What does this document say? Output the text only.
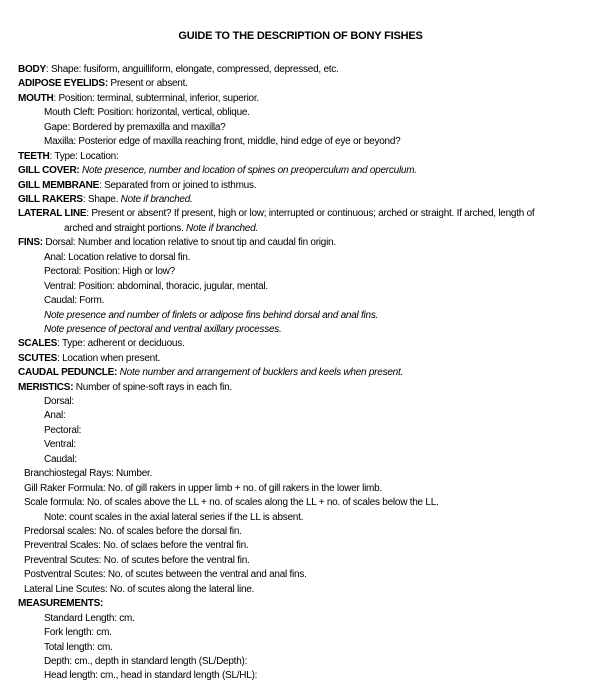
GUIDE TO THE DESCRIPTION OF BONY FISHES
BODY: Shape: fusiform, anguilliform, elongate, compressed, depressed, etc.
ADIPOSE EYELIDS: Present or absent.
MOUTH: Position: terminal, subterminal, inferior, superior.
Mouth Cleft: Position: horizontal, vertical, oblique.
Gape: Bordered by premaxilla and maxilla?
Maxilla: Posterior edge of maxilla reaching front, middle, hind edge of eye or beyond?
TEETH: Type: Location:
GILL COVER: Note presence, number and location of spines on preoperculum and operculum.
GILL MEMBRANE: Separated from or joined to isthmus.
GILL RAKERS: Shape. Note if branched.
LATERAL LINE: Present or absent? If present, high or low; interrupted or continuous; arched or straight. If arched, length of
arched and straight portions. Note if branched.
FINS: Dorsal: Number and location relative to snout tip and caudal fin origin.
Anal: Location relative to dorsal fin.
Pectoral: Position: High or low?
Ventral: Position: abdominal, thoracic, jugular, mental.
Caudal: Form.
Note presence and number of finlets or adipose fins behind dorsal and anal fins.
Note presence of pectoral and ventral axillary processes.
SCALES: Type: adherent or deciduous.
SCUTES: Location when present.
CAUDAL PEDUNCLE: Note number and arrangement of bucklers and keels when present.
MERISTICS: Number of spine-soft rays in each fin.
Dorsal:
Anal:
Pectoral:
Ventral:
Caudal:
Branchiostegal Rays: Number.
Gill Raker Formula: No. of gill rakers in upper limb + no. of gill rakers in the lower limb.
Scale formula: No. of scales above the LL + no. of scales along the LL + no. of scales below the LL.
Note: count scales in the axial lateral series if the LL is absent.
Predorsal scales: No. of scales before the dorsal fin.
Preventral Scales: No. of sclaes before the ventral fin.
Preventral Scutes: No. of scutes before the ventral fin.
Postventral Scutes: No. of scutes between the ventral and anal fins.
Lateral Line Scutes: No. of scutes along the lateral line.
MEASUREMENTS:
Standard Length: cm.
Fork length: cm.
Total length: cm.
Depth: cm., depth in standard length (SL/Depth):
Head length: cm., head in standard length (SL/HL):
